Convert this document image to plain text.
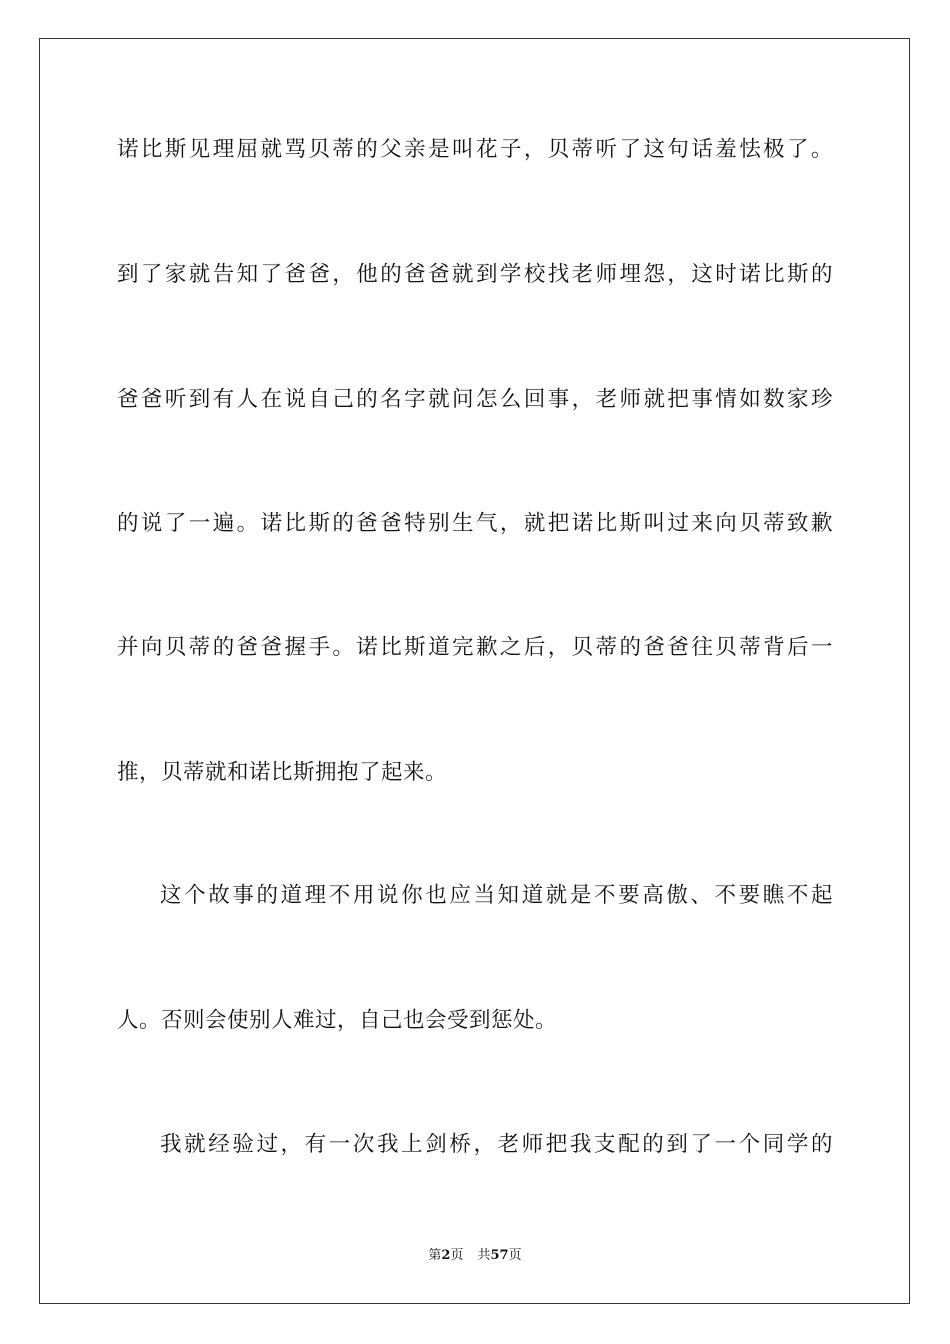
诺比斯见理屈就骂贝蒂的父亲是叫花子，贝蒂听了这句话羞怯极了。
到了家就告知了爸爸，他的爸爸就到学校找老师埋怨，这时诺比斯的
爸爸听到有人在说自己的名字就问怎么回事，老师就把事情如数家珍
的说了一遍。诺比斯的爸爸特别生气，就把诺比斯叫过来向贝蒂致歉
并向贝蒂的爸爸握手。诺比斯道完歉之后，贝蒂的爸爸往贝蒂背后一
推，贝蒂就和诺比斯拥抱了起来。
这个故事的道理不用说你也应当知道就是不要高傲、不要瞧不起
人。否则会使别人难过，自己也会受到惩处。
我就经验过，有一次我上剑桥，老师把我支配的到了一个同学的
第2页 共57页
